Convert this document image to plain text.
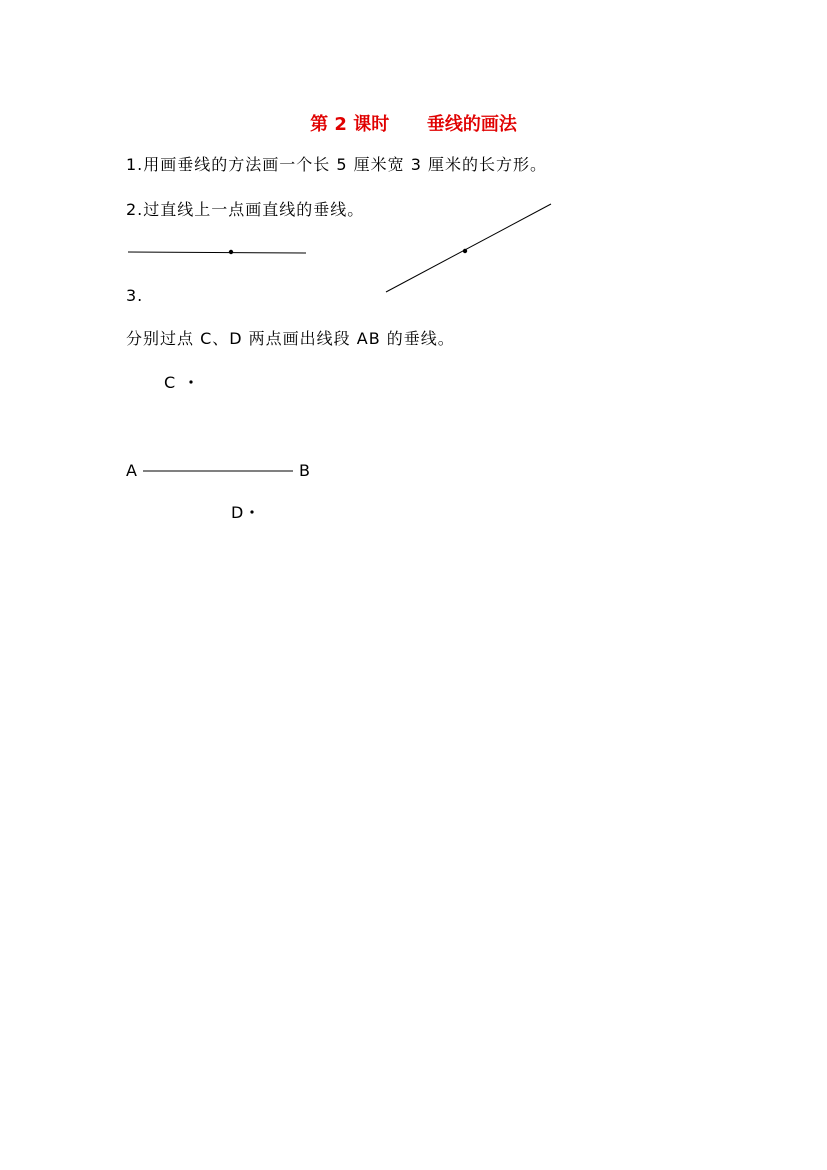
第 2 课时 垂线的画法
1.用画垂线的方法画一个长 5 厘米宽 3 厘米的长方形。
2.过直线上一点画直线的垂线。
3.
分别过点 C、D 两点画出线段 AB 的垂线。
C
A	B
D
